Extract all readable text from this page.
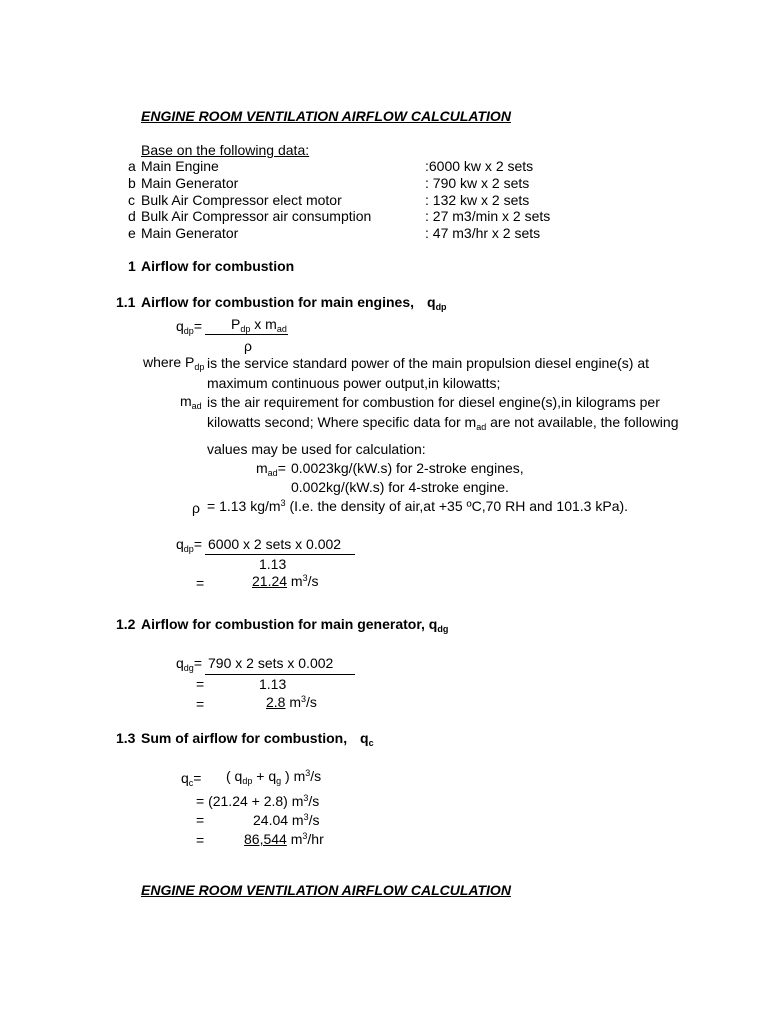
ENGINE ROOM VENTILATION AIRFLOW CALCULATION
Base on the following data:
a Main Engine	:6000 kw x 2 sets
b Main Generator	: 790 kw x 2 sets
c Bulk Air Compressor elect motor	: 132 kw x 2 sets
d Bulk Air Compressor air consumption	: 27 m3/min x 2 sets
e Main Generator	: 47 m3/hr x 2 sets
1 Airflow for combustion
1.1 Airflow for combustion for main engines, $q_{dp}$
$q_{dp}= P_{dp}$ x $m_{ad}$
ρ
where $P_{dp}$ is the service standard power of the main propulsion diesel engine(s) at
maximum continuous power output,in kilowatts;
$m_{ad}$ is the air requirement for combustion for diesel engine(s),in kilograms per
kilowatts second; Where specific data for $m_{ad}$ are not available, the following
values may be used for calculation:
$m_{ad}= 0.0023kg/(kW.s)$ for 2-stroke engines,
0.002kg/(kW.s) for 4-stroke engine.
ρ = 1.13 $kg/m^3$ (I.e. the density of air,at +35 ºC,70 RH and 101.3 kPa).
$q_{dp}= 6000$ x 2 sets x 0.002
1.13
=	21.24 $m^3/s$
1.2 Airflow for combustion for main generator, $q_{dg}$
$q_{dg}= 790$ x 2 sets x 0.002
=	1.13
=	2.8 $m^3/s$
1.3 Sum of airflow for combustion, $q_c$
$q_c=$ ( $q_{dp} + q_g$ ) $m^3/s$
= (21.24 + 2.8) $m^3/s$
=	24.04 $m^3/s$
=	86,544 $m^3/hr$
ENGINE ROOM VENTILATION AIRFLOW CALCULATION
